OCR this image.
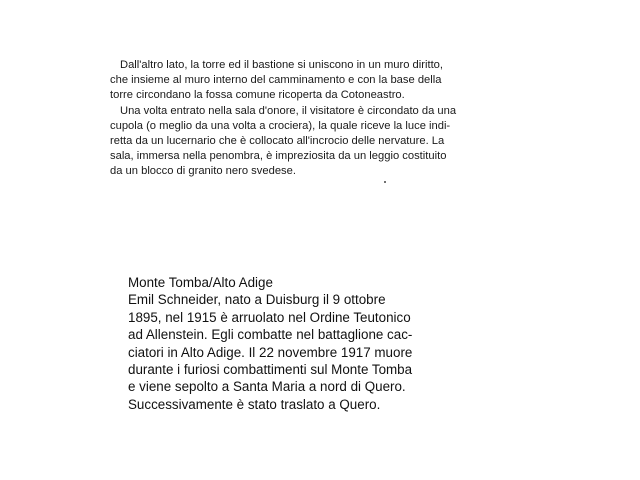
Dall'altro lato, la torre ed il bastione si uniscono in un muro diritto,
che insieme al muro interno del camminamento e con la base della
torre circondano la fossa comune ricoperta da Cotoneastro.
Una volta entrato nella sala d'onore, il visitatore è circondato da una
cupola (o meglio da una volta a crociera), la quale riceve la luce indi-
retta da un lucernario che è collocato all'incrocio delle nervature. La
sala, immersa nella penombra, è impreziosita da un leggio costituito
da un blocco di granito nero svedese.
Monte Tomba/Alto Adige
Emil Schneider, nato a Duisburg il 9 ottobre
1895, nel 1915 è arruolato nel Ordine Teutonico
ad Allenstein. Egli combatte nel battaglione cac-
ciatori in Alto Adige. Il 22 novembre 1917 muore
durante i furiosi combattimenti sul Monte Tomba
e viene sepolto a Santa Maria a nord di Quero.
Successivamente è stato traslato a Quero.
